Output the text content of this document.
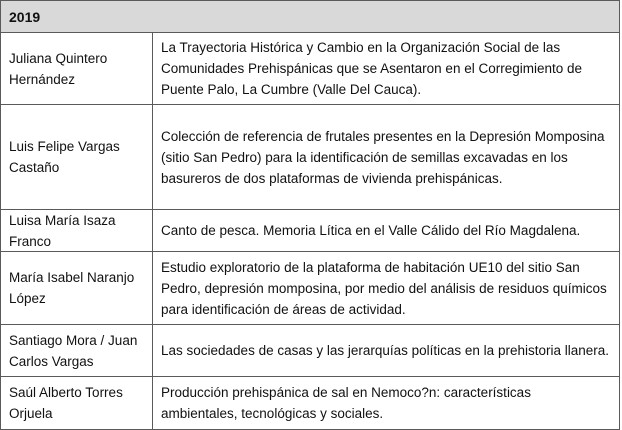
2019
Juliana Quintero Hernández
La Trayectoria Histórica y Cambio en la Organización Social de las Comunidades Prehispánicas que se Asentaron en el Corregimiento de Puente Palo, La Cumbre (Valle Del Cauca).
Luis Felipe Vargas Castaño
Colección de referencia de frutales presentes en la Depresión Momposina (sitio San Pedro) para la identificación de semillas excavadas en los basureros de dos plataformas de vivienda prehispánicas.
Luisa María Isaza Franco
Canto de pesca. Memoria Lítica en el Valle Cálido del Río Magdalena.
María Isabel Naranjo López
Estudio exploratorio de la plataforma de habitación UE10 del sitio San Pedro, depresión momposina, por medio del análisis de residuos químicos para identificación de áreas de actividad.
Santiago Mora / Juan Carlos Vargas
Las sociedades de casas y las jerarquías políticas en la prehistoria llanera.
Saúl Alberto Torres Orjuela
Producción prehispánica de sal en Nemoco?n: características ambientales, tecnológicas y sociales.
